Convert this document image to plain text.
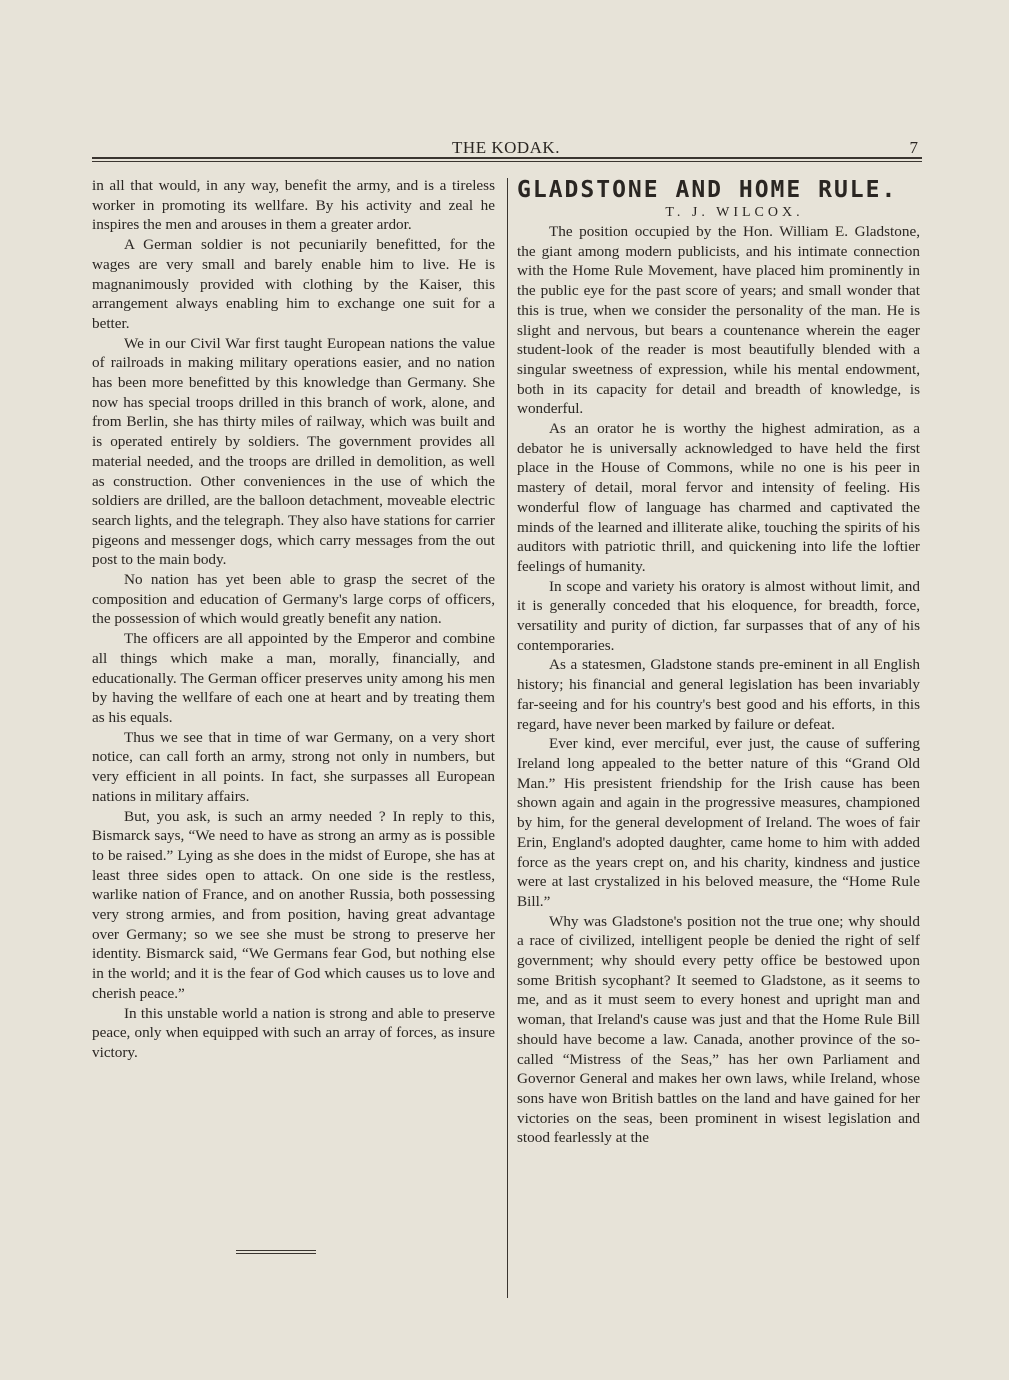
THE KODAK.	7

in all that would, in any way, benefit the army, and is a tireless worker in promoting its wellfare. By his activity and zeal he inspires the men and arouses in them a greater ardor.

A German soldier is not pecuniarily benefitted, for the wages are very small and barely enable him to live. He is magnanimously provided with clothing by the Kaiser, this arrangement always enabling him to exchange one suit for a better.

We in our Civil War first taught European nations the value of railroads in making military operations easier, and no nation has been more benefitted by this knowledge than Germany. She now has special troops drilled in this branch of work, alone, and from Berlin, she has thirty miles of railway, which was built and is operated entirely by soldiers. The government provides all material needed, and the troops are drilled in demolition, as well as construction. Other conveniences in the use of which the soldiers are drilled, are the balloon detachment, moveable electric search lights, and the telegraph. They also have stations for carrier pigeons and messenger dogs, which carry messages from the out post to the main body.

No nation has yet been able to grasp the secret of the composition and education of Germany's large corps of officers, the possession of which would greatly benefit any nation.

The officers are all appointed by the Emperor and combine all things which make a man, morally, financially, and educationally. The German officer preserves unity among his men by having the wellfare of each one at heart and by treating them as his equals.

Thus we see that in time of war Germany, on a very short notice, can call forth an army, strong not only in numbers, but very efficient in all points. In fact, she surpasses all European nations in military affairs.

But, you ask, is such an army needed ? In reply to this, Bismarck says, “We need to have as strong an army as is possible to be raised.” Lying as she does in the midst of Europe, she has at least three sides open to attack. On one side is the restless, warlike nation of France, and on another Russia, both possessing very strong armies, and from position, having great advantage over Germany; so we see she must be strong to preserve her identity. Bismarck said, “We Germans fear God, but nothing else in the world; and it is the fear of God which causes us to love and cherish peace.”

In this unstable world a nation is strong and able to preserve peace, only when equipped with such an array of forces, as insure victory.

GLADSTONE AND HOME RULE.

T. J. WILCOX.

The position occupied by the Hon. William E. Gladstone, the giant among modern publicists, and his intimate connection with the Home Rule Movement, have placed him prominently in the public eye for the past score of years; and small wonder that this is true, when we consider the personality of the man. He is slight and nervous, but bears a countenance wherein the eager student-look of the reader is most beautifully blended with a singular sweetness of expression, while his mental endowment, both in its capacity for detail and breadth of knowledge, is wonderful.

As an orator he is worthy the highest admiration, as a debator he is universally acknowledged to have held the first place in the House of Commons, while no one is his peer in mastery of detail, moral fervor and intensity of feeling. His wonderful flow of language has charmed and captivated the minds of the learned and illiterate alike, touching the spirits of his auditors with patriotic thrill, and quickening into life the loftier feelings of humanity.

In scope and variety his oratory is almost without limit, and it is generally conceded that his eloquence, for breadth, force, versatility and purity of diction, far surpasses that of any of his contemporaries.

As a statesmen, Gladstone stands pre-eminent in all English history; his financial and general legislation has been invariably far-seeing and for his country's best good and his efforts, in this regard, have never been marked by failure or defeat.

Ever kind, ever merciful, ever just, the cause of suffering Ireland long appealed to the better nature of this “Grand Old Man.” His presistent friendship for the Irish cause has been shown again and again in the progressive measures, championed by him, for the general development of Ireland. The woes of fair Erin, England's adopted daughter, came home to him with added force as the years crept on, and his charity, kindness and justice were at last crystalized in his beloved measure, the “Home Rule Bill.”

Why was Gladstone's position not the true one; why should a race of civilized, intelligent people be denied the right of self government; why should every petty office be bestowed upon some British sycophant? It seemed to Gladstone, as it seems to me, and as it must seem to every honest and upright man and woman, that Ireland's cause was just and that the Home Rule Bill should have become a law. Canada, another province of the so-called “Mistress of the Seas,” has her own Parliament and Governor General and makes her own laws, while Ireland, whose sons have won British battles on the land and have gained for her victories on the seas, been prominent in wisest legislation and stood fearlessly at the
